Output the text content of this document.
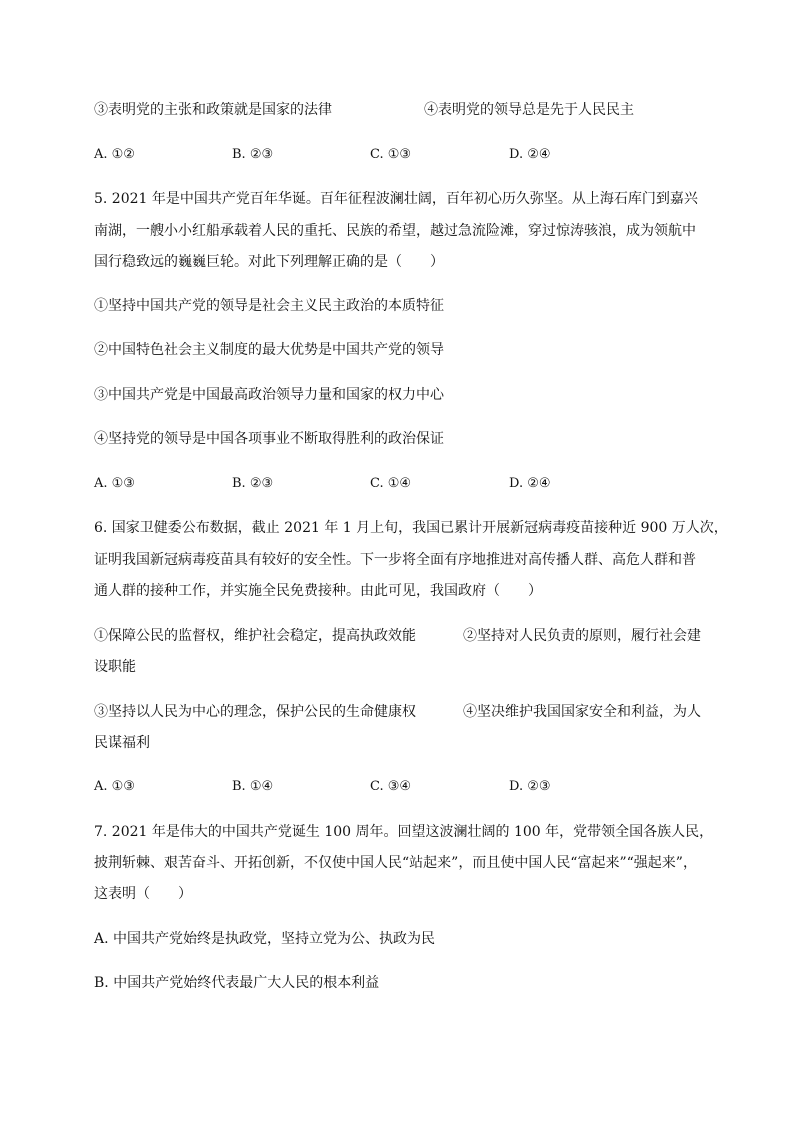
③表明党的主张和政策就是国家的法律	④表明党的领导总是先于人民民主
A. ①②	B. ②③	C. ①③	D. ②④
5. 2021 年是中国共产党百年华诞。百年征程波澜壮阔，百年初心历久弥坚。从上海石库门到嘉兴
南湖，一艘小小红船承载着人民的重托、民族的希望，越过急流险滩，穿过惊涛骇浪，成为领航中
国行稳致远的巍巍巨轮。对此下列理解正确的是（　　）
①坚持中国共产党的领导是社会主义民主政治的本质特征
②中国特色社会主义制度的最大优势是中国共产党的领导
③中国共产党是中国最高政治领导力量和国家的权力中心
④坚持党的领导是中国各项事业不断取得胜利的政治保证
A. ①③	B. ②③	C. ①④	D. ②④
6. 国家卫健委公布数据，截止 2021 年 1 月上旬，我国已累计开展新冠病毒疫苗接种近 900 万人次，
证明我国新冠病毒疫苗具有较好的安全性。下一步将全面有序地推进对高传播人群、高危人群和普
通人群的接种工作，并实施全民免费接种。由此可见，我国政府（　　）
①保障公民的监督权，维护社会稳定，提高执政效能	②坚持对人民负责的原则，履行社会建
设职能
③坚持以人民为中心的理念，保护公民的生命健康权	④坚决维护我国国家安全和利益，为人
民谋福利
A. ①③	B. ①④	C. ③④	D. ②③
7. 2021 年是伟大的中国共产党诞生 100 周年。回望这波澜壮阔的 100 年，党带领全国各族人民，
披荆斩棘、艰苦奋斗、开拓创新，不仅使中国人民“站起来”，而且使中国人民“富起来”“强起来”，
这表明（　　）
A. 中国共产党始终是执政党，坚持立党为公、执政为民
B. 中国共产党始终代表最广大人民的根本利益
